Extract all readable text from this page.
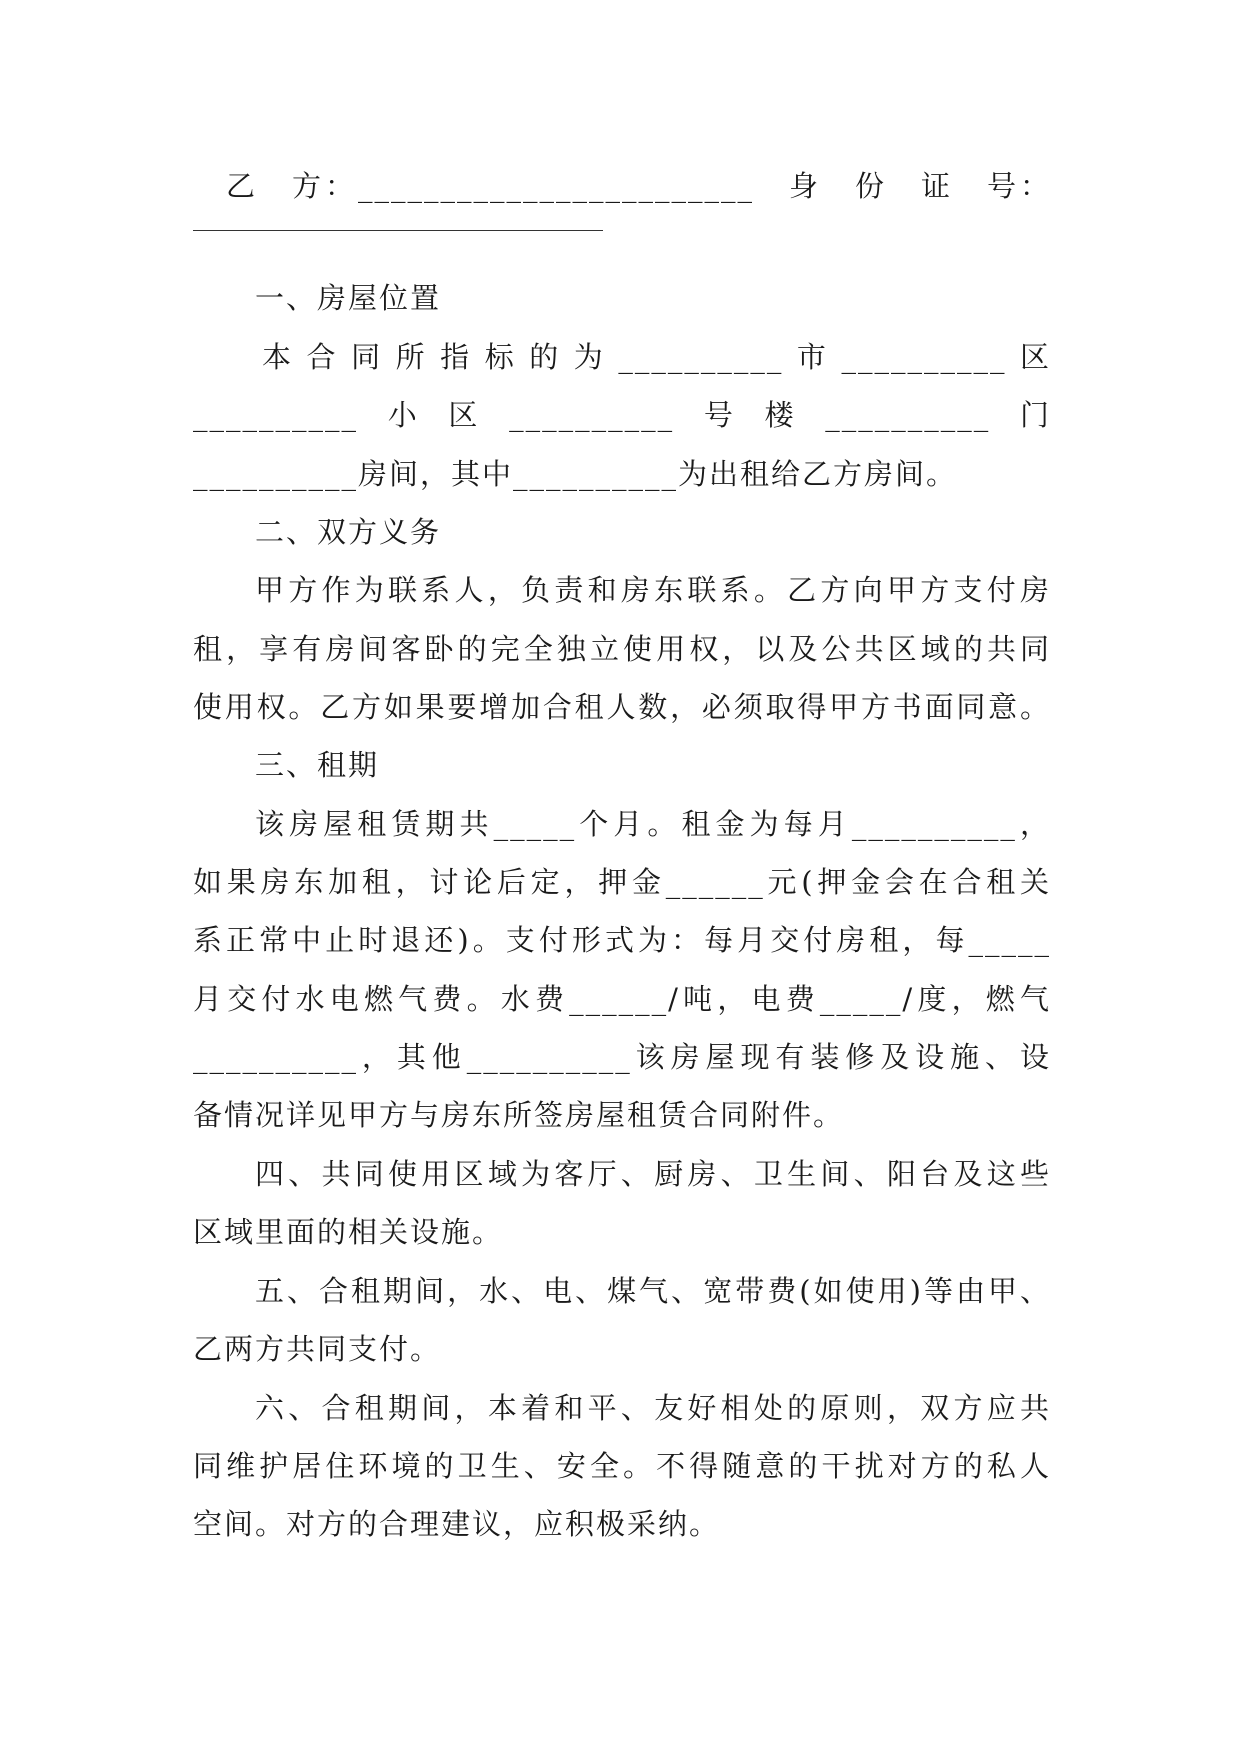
　乙　方：________________________　身　份　证　号：
一、房屋位置
本合同所指标的为__________市__________区
__________小区__________号楼__________门
__________房间，其中__________为出租给乙方房间。
二、双方义务
甲方作为联系人，负责和房东联系。乙方向甲方支付房
租，享有房间客卧的完全独立使用权，以及公共区域的共同
使用权。乙方如果要增加合租人数，必须取得甲方书面同意。
三、租期
该房屋租赁期共_____个月。租金为每月__________，
如果房东加租，讨论后定，押金______元(押金会在合租关
系正常中止时退还)。支付形式为：每月交付房租，每_____
月交付水电燃气费。水费______/吨，电费_____/度，燃气
__________，其他__________该房屋现有装修及设施、设
备情况详见甲方与房东所签房屋租赁合同附件。
四、共同使用区域为客厅、厨房、卫生间、阳台及这些
区域里面的相关设施。
五、合租期间，水、电、煤气、宽带费(如使用)等由甲、
乙两方共同支付。
六、合租期间，本着和平、友好相处的原则，双方应共
同维护居住环境的卫生、安全。不得随意的干扰对方的私人
空间。对方的合理建议，应积极采纳。
